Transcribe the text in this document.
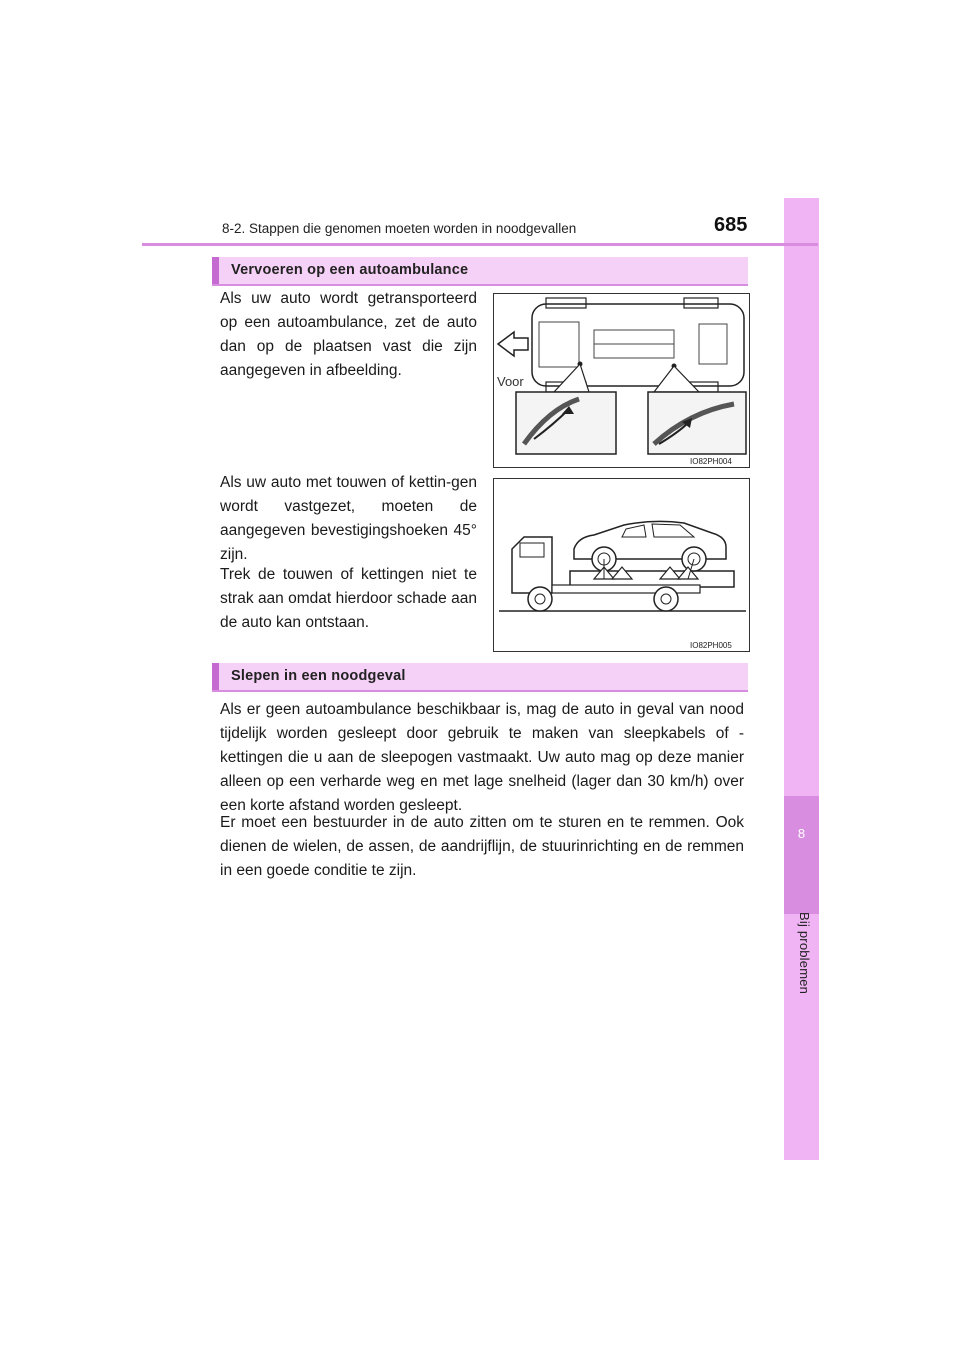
8
Bij problemen
8-2. Stappen die genomen moeten worden in noodgevallen	685
Vervoeren op een autoambulance
Als uw auto wordt getransporteerd op een autoambulance, zet de auto dan op de plaatsen vast die zijn aangegeven in afbeelding.
Als uw auto met touwen of kettin-gen wordt vastgezet, moeten de aangegeven bevestigingshoeken 45° zijn.
Trek de touwen of kettingen niet te strak aan omdat hierdoor schade aan de auto kan ontstaan.
Voor
IO82PH004
IO82PH005
Slepen in een noodgeval
Als er geen autoambulance beschikbaar is, mag de auto in geval van nood tijdelijk worden gesleept door gebruik te maken van sleepkabels of -kettingen die u aan de sleepogen vastmaakt. Uw auto mag op deze manier alleen op een verharde weg en met lage snelheid (lager dan 30 km/h) over een korte afstand worden gesleept.
Er moet een bestuurder in de auto zitten om te sturen en te remmen. Ook dienen de wielen, de assen, de aandrijflijn, de stuurinrichting en de remmen in een goede conditie te zijn.
